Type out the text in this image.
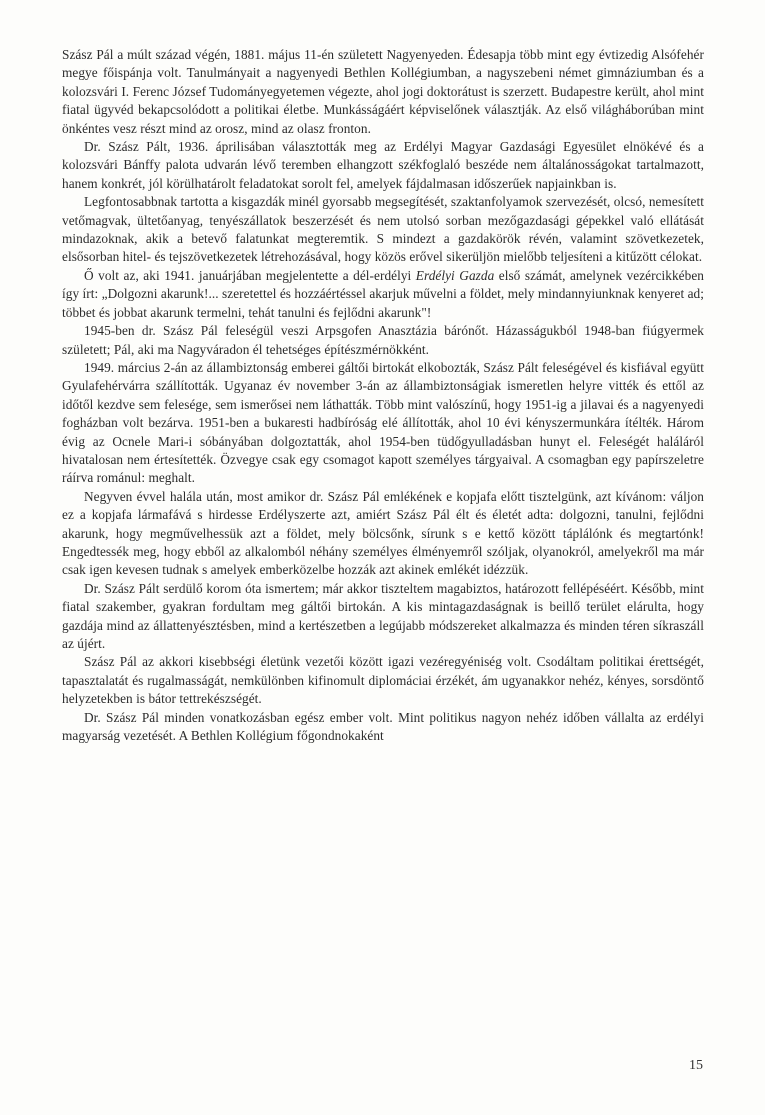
Szász Pál a múlt század végén, 1881. május 11-én született Nagyenyeden. Édesapja több mint egy évtizedig Alsófehér megye főispánja volt. Tanulmányait a nagyenyedi Bethlen Kollégiumban, a nagyszebeni német gimnáziumban és a kolozsvári I. Ferenc József Tudományegyetemen végezte, ahol jogi doktorátust is szerzett. Budapestre került, ahol mint fiatal ügyvéd bekapcsolódott a politikai életbe. Munkásságáért képviselőnek választják. Az első világháborúban mint önkéntes vesz részt mind az orosz, mind az olasz fronton.

Dr. Szász Pált, 1936. áprilisában választották meg az Erdélyi Magyar Gazdasági Egyesület elnökévé és a kolozsvári Bánffy palota udvarán lévő teremben elhangzott székfoglaló beszéde nem általánosságokat tartalmazott, hanem konkrét, jól körülhatárolt feladatokat sorolt fel, amelyek fájdalmasan időszerűek napjainkban is.

Legfontosabbnak tartotta a kisgazdák minél gyorsabb megsegítését, szaktanfolyamok szervezését, olcsó, nemesített vetőmagvak, ültetőanyag, tenyészállatok beszerzését és nem utolsó sorban mezőgazdasági gépekkel való ellátását mindazoknak, akik a betevő falatunkat megteremtik. S mindezt a gazdakörök révén, valamint szövetkezetek, elsősorban hitel- és tejszövetkezetek létrehozásával, hogy közös erővel sikerüljön mielőbb teljesíteni a kitűzött célokat.

Ő volt az, aki 1941. januárjában megjelentette a dél-erdélyi Erdélyi Gazda első számát, amelynek vezércikkében így írt: „Dolgozni akarunk!... szeretettel és hozzáértéssel akarjuk művelni a földet, mely mindannyiunknak kenyeret ad; többet és jobbat akarunk termelni, tehát tanulni és fejlődni akarunk"!

1945-ben dr. Szász Pál feleségül veszi Arpsgofen Anasztázia bárónőt. Házasságukból 1948-ban fiúgyermek született; Pál, aki ma Nagyváradon él tehetséges építészmérnökként.

1949. március 2-án az állambiztonság emberei gáltői birtokát elkobozták, Szász Pált feleségével és kisfiával együtt Gyulafehérvárra szállították. Ugyanaz év november 3-án az állambiztonságiak ismeretlen helyre vitték és ettől az időtől kezdve sem felesége, sem ismerősei nem láthatták. Több mint valószínű, hogy 1951-ig a jilavai és a nagyenyedi fogházban volt bezárva. 1951-ben a bukaresti hadbíróság elé állították, ahol 10 évi kényszermunkára ítélték. Három évig az Ocnele Mari-i sóbányában dolgoztatták, ahol 1954-ben tüdőgyulladásban hunyt el. Feleségét haláláról hivatalosan nem értesítették. Özvegye csak egy csomagot kapott személyes tárgyaival. A csomagban egy papírszeletre ráírva románul: meghalt.

Negyven évvel halála után, most amikor dr. Szász Pál emlékének e kopjafa előtt tisztelgünk, azt kívánom: váljon ez a kopjafa lármafává s hirdesse Erdélyszerte azt, amiért Szász Pál élt és életét adta: dolgozni, tanulni, fejlődni akarunk, hogy megművelhessük azt a földet, mely bölcsőnk, sírunk s e kettő között táplálónk és megtartónk! Engedtessék meg, hogy ebből az alkalomból néhány személyes élményemről szóljak, olyanokról, amelyekről ma már csak igen kevesen tudnak s amelyek emberközelbe hozzák azt akinek emlékét idézzük.

Dr. Szász Pált serdülő korom óta ismertem; már akkor tiszteltem magabiztos, határozott fellépéséért. Később, mint fiatal szakember, gyakran fordultam meg gáltői birtokán. A kis mintagazdaságnak is beillő terület elárulta, hogy gazdája mind az állattenyésztésben, mind a kertészetben a legújabb módszereket alkalmazza és minden téren síkraszáll az újért.

Szász Pál az akkori kisebbségi életünk vezetői között igazi vezéregyéniség volt. Csodáltam politikai érettségét, tapasztalatát és rugalmasságát, nemkülönben kifinomult diplomáciai érzékét, ám ugyanakkor nehéz, kényes, sorsdöntő helyzetekben is bátor tettrekészségét.

Dr. Szász Pál minden vonatkozásban egész ember volt. Mint politikus nagyon nehéz időben vállalta az erdélyi magyarság vezetését. A Bethlen Kollégium főgondnokaként

15
